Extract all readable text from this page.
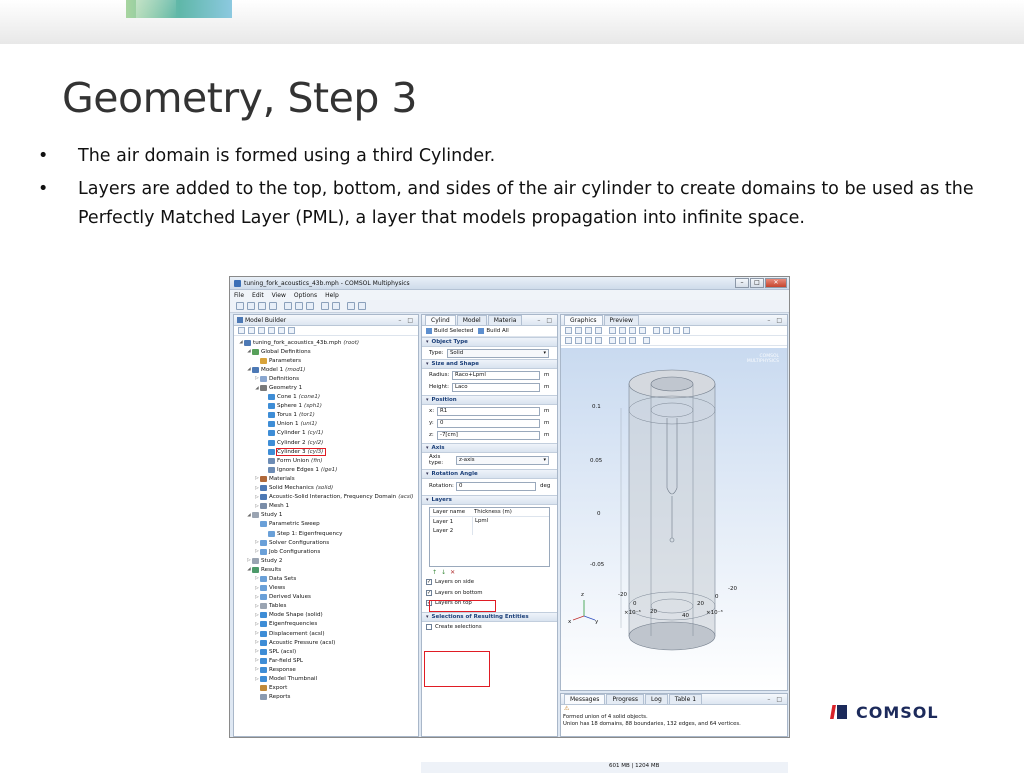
Geometry, Step 3
• The air domain is formed using a third Cylinder.
• Layers are added to the top, bottom, and sides of the air cylinder to create domains to be used as the Perfectly Matched Layer (PML), a layer that models propagation into infinite space.
tuning_fork_acoustics_43b.mph - COMSOL Multiphysics	–	□	✕
File Edit View Options Help
Model Builder	– □
◢ tuning_fork_acoustics_43b.mph (root)
◢ Global Definitions
Parameters
◢ Model 1 (mod1)
▷ Definitions
◢ Geometry 1
Cone 1 (cone1)
Sphere 1 (sph1)
Torus 1 (tor1)
Union 1 (uni1)
Cylinder 1 (cyl1)
Cylinder 2 (cyl2)
Cylinder 3 (cyl3)
Form Union (fin)
Ignore Edges 1 (ige1)
▷ Materials
▷ Solid Mechanics (solid)
▷ Acoustic-Solid Interaction, Frequency Domain (acsl)
▷ Mesh 1
◢ Study 1
Parametric Sweep
Step 1: Eigenfrequency
▷ Solver Configurations
▷ Job Configurations
▷ Study 2
◢ Results
▷ Data Sets
▷ Views
▷ Derived Values
▷ Tables
▷ Mode Shape (solid)
▷ Eigenfrequencies
▷ Displacement (acsl)
▷ Acoustic Pressure (acsl)
▷ SPL (acsl)
▷ Far-field SPL
▷ Response
▷ Model Thumbnail
Export
Reports
Cylind Model Materia	– □
Build Selected Build All
▾ Object Type
Type:	Solid ▾
▾ Size and Shape
Radius:	Raco+Lpml	m
Height:	Laco	m
▾ Position
x:	R1	m
y:	0	m
z:	-7[cm]	m
▾ Axis
Axis type:
z-axis ▾
▾ Rotation Angle
Rotation: 0	deg
▾ Layers
Layer name	Thickness (m)
Layer 1	Lpml
Layer 2
↑ ↓ ✕
✓ Layers on side
✓ Layers on bottom
✓ Layers on top
▾ Selections of Resulting Entities
Create selections
Graphics Preview	– □
COMSOL
MULTIPHYSICS
0.1
0.05
0
-0.05
-20
0
20
40
20
0
-20
×10⁻³	×10⁻³
z
x	y
Messages Progress Log Table 1	– □
⚠
Formed union of 4 solid objects.
Union has 18 domains, 88 boundaries, 132 edges, and 64 vertices.
601 MB | 1204 MB
COMSOL
